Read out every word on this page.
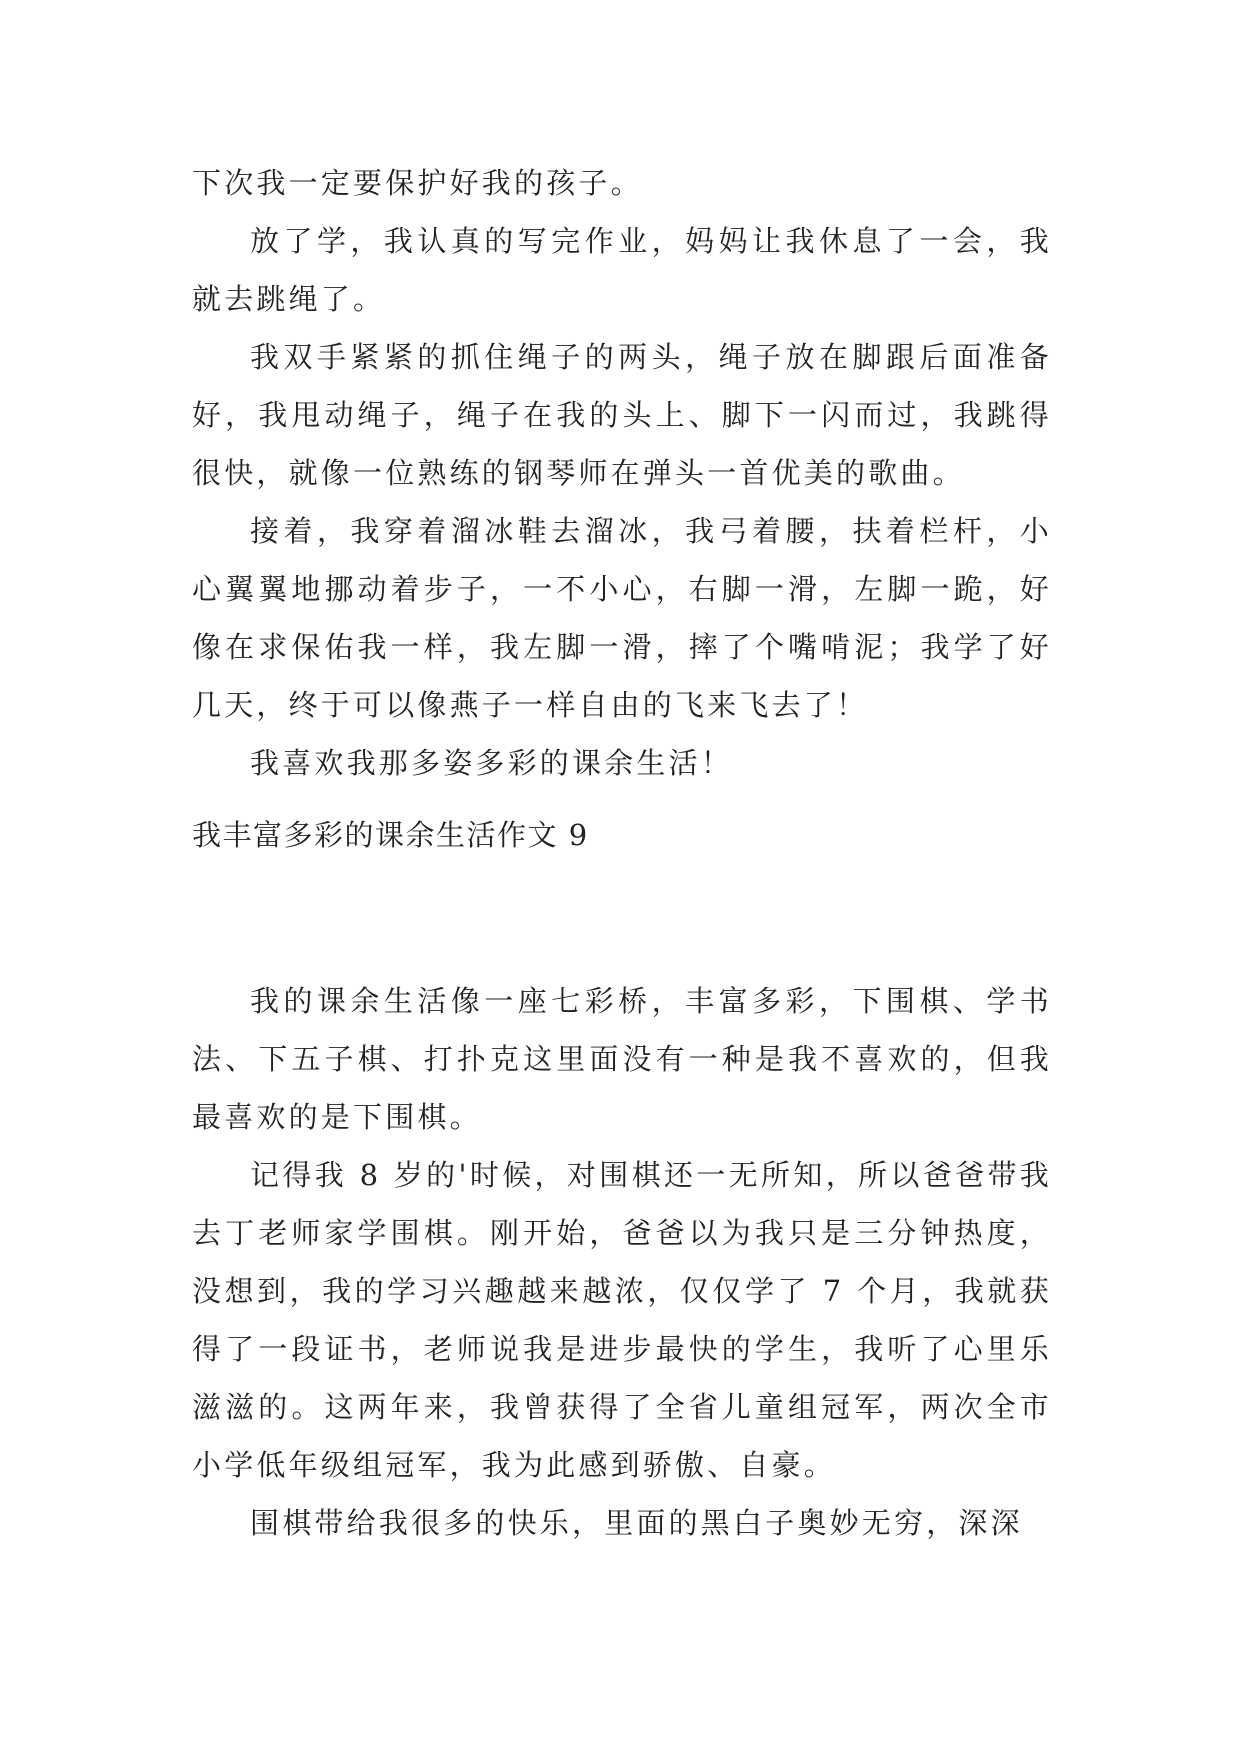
下次我一定要保护好我的孩子。

放了学，我认真的写完作业，妈妈让我休息了一会，我就去跳绳了。

我双手紧紧的抓住绳子的两头，绳子放在脚跟后面准备好，我甩动绳子，绳子在我的头上、脚下一闪而过，我跳得很快，就像一位熟练的钢琴师在弹头一首优美的歌曲。

接着，我穿着溜冰鞋去溜冰，我弓着腰，扶着栏杆，小心翼翼地挪动着步子，一不小心，右脚一滑，左脚一跪，好像在求保佑我一样，我左脚一滑，摔了个嘴啃泥；我学了好几天，终于可以像燕子一样自由的飞来飞去了！

我喜欢我那多姿多彩的课余生活！

我丰富多彩的课余生活作文 9

我的课余生活像一座七彩桥，丰富多彩，下围棋、学书法、下五子棋、打扑克这里面没有一种是我不喜欢的，但我最喜欢的是下围棋。

记得我 8 岁的'时候，对围棋还一无所知，所以爸爸带我去丁老师家学围棋。刚开始，爸爸以为我只是三分钟热度，没想到，我的学习兴趣越来越浓，仅仅学了 7 个月，我就获得了一段证书，老师说我是进步最快的学生，我听了心里乐滋滋的。这两年来，我曾获得了全省儿童组冠军，两次全市小学低年级组冠军，我为此感到骄傲、自豪。

围棋带给我很多的快乐，里面的黑白子奥妙无穷，深深
